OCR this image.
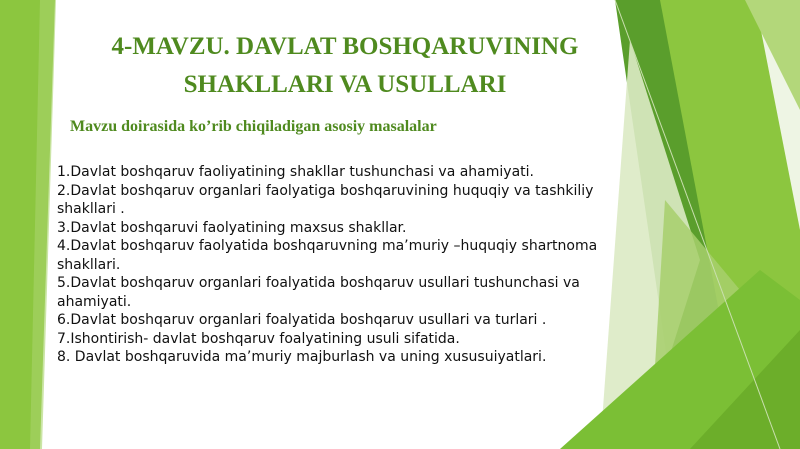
4-MAVZU. DAVLAT BOSHQARUVINING
SHAKLLARI VA USULLARI
Mavzu doirasida ko’rib chiqiladigan asosiy masalalar
1.Davlat boshqaruv faoliyatining shakllar tushunchasi va ahamiyati.
2.Davlat boshqaruv organlari faolyatiga boshqaruvining huquqiy va tashkiliy shakllari .
3.Davlat boshqaruvi faolyatining maxsus shakllar.
4.Davlat boshqaruv faolyatida boshqaruvning ma’muriy –huquqiy shartnoma shakllari.
5.Davlat boshqaruv organlari foalyatida boshqaruv usullari tushunchasi va ahamiyati.
6.Davlat boshqaruv organlari foalyatida boshqaruv usullari va turlari .
7.Ishontirish- davlat boshqaruv foalyatining usuli sifatida.
8. Davlat boshqaruvida ma’muriy majburlash va uning xususuiyatlari.
